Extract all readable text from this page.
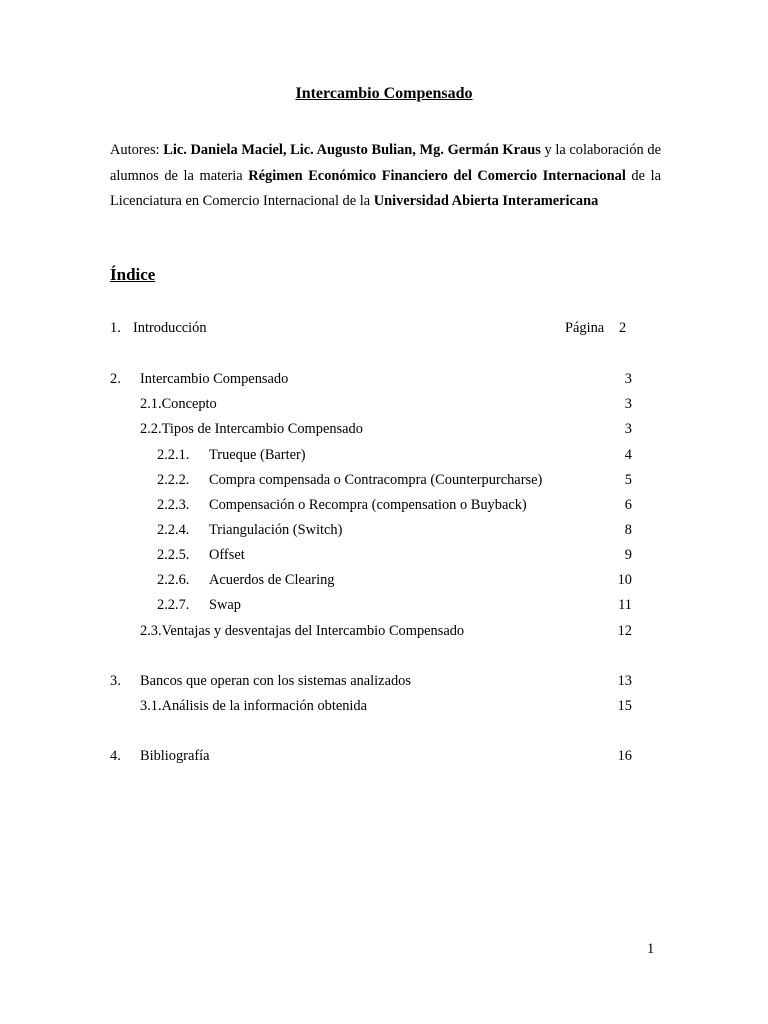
Intercambio Compensado
Autores: Lic. Daniela Maciel, Lic. Augusto Bulian, Mg. Germán Kraus y la colaboración de alumnos de la materia Régimen Económico Financiero del Comercio Internacional de la Licenciatura en Comercio Internacional de la Universidad Abierta Interamericana
Índice
1. Introducción	Página 2
2. Intercambio Compensado	3
2.1.Concepto	3
2.2.Tipos de Intercambio Compensado	3
2.2.1. Trueque (Barter)	4
2.2.2. Compra compensada o Contracompra (Counterpurcharse)	5
2.2.3. Compensación o Recompra (compensation o Buyback)	6
2.2.4. Triangulación (Switch)	8
2.2.5. Offset	9
2.2.6. Acuerdos de Clearing	10
2.2.7. Swap	11
2.3.Ventajas y desventajas del Intercambio Compensado	12
3. Bancos que operan con los sistemas analizados	13
3.1.Análisis de la información obtenida	15
4. Bibliografía	16
1
